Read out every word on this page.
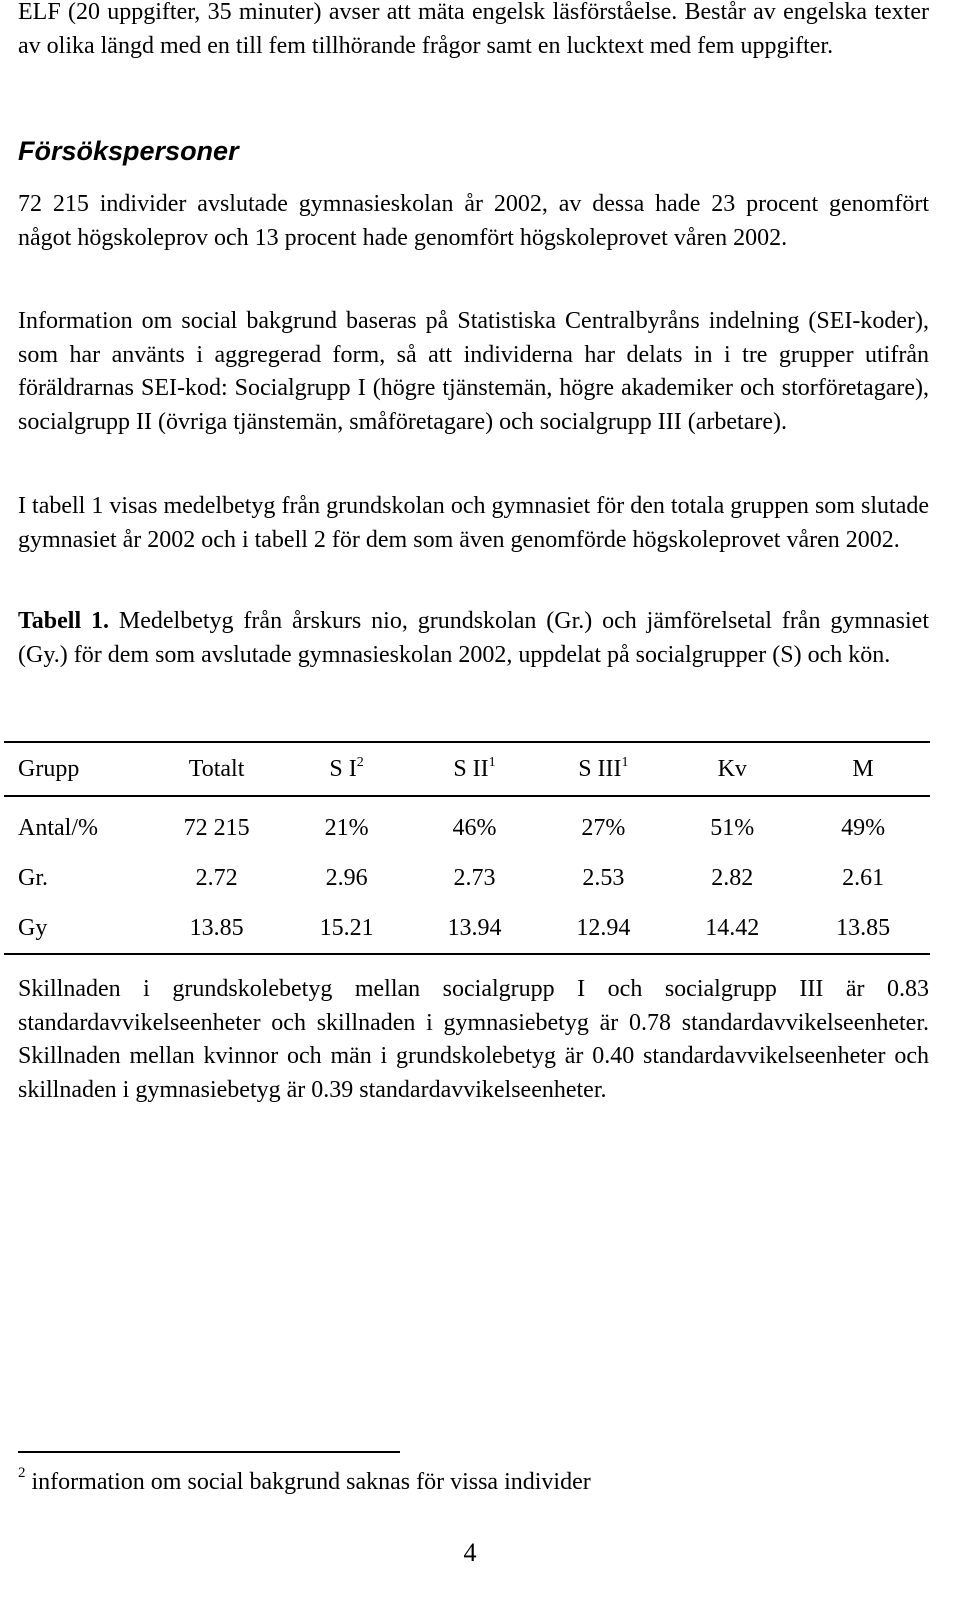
ELF (20 uppgifter, 35 minuter) avser att mäta engelsk läsförståelse. Består av engelska texter av olika längd med en till fem tillhörande frågor samt en lucktext med fem uppgifter.

Försökspersoner

72 215 individer avslutade gymnasieskolan år 2002, av dessa hade 23 procent genomfört något högskoleprov och 13 procent hade genomfört högskoleprovet våren 2002.

Information om social bakgrund baseras på Statistiska Centralbyråns indelning (SEI-koder), som har använts i aggregerad form, så att individerna har delats in i tre grupper utifrån föräldrarnas SEI-kod: Socialgrupp I (högre tjänstemän, högre akademiker och storföretagare), socialgrupp II (övriga tjänstemän, småföretagare) och socialgrupp III (arbetare).

I tabell 1 visas medelbetyg från grundskolan och gymnasiet för den totala gruppen som slutade gymnasiet år 2002 och i tabell 2 för dem som även genomförde högskoleprovet våren 2002.

Tabell 1. Medelbetyg från årskurs nio, grundskolan (Gr.) och jämförelsetal från gymnasiet (Gy.) för dem som avslutade gymnasieskolan 2002, uppdelat på socialgrupper (S) och kön.

Grupp	Totalt	S $I^2$	S $II^1$	S III$^1$	Kv	M
Antal/%	72 215	21%	46%	27%	51%	49%
Gr.	2.72	2.96	2.73	2.53	2.82	2.61
Gy	13.85	15.21	13.94	12.94	14.42	13.85

Skillnaden i grundskolebetyg mellan socialgrupp I och socialgrupp III är 0.83 standardavvikelseenheter och skillnaden i gymnasiebetyg är 0.78 standardavvikelseenheter. Skillnaden mellan kvinnor och män i grundskolebetyg är 0.40 standardavvikelseenheter och skillnaden i gymnasiebetyg är 0.39 standardavvikelseenheter.

$^2$ information om social bakgrund saknas för vissa individer

4
